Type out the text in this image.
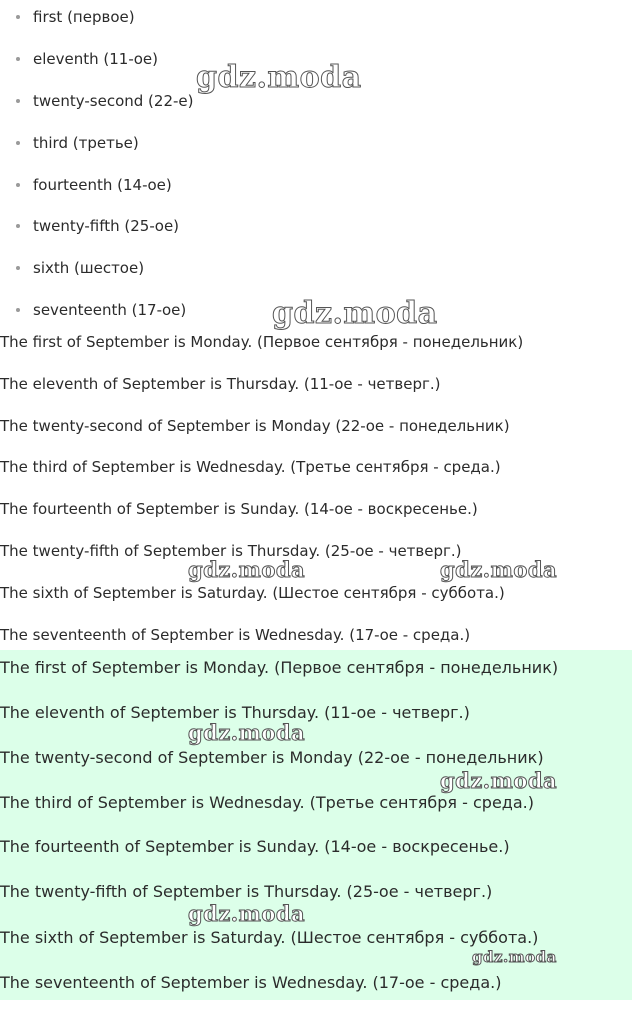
first (первое)
eleventh (11-ое)
twenty-second (22-е)
third (третье)
fourteenth (14-ое)
twenty-fifth (25-ое)
sixth (шестое)
seventeenth (17-ое)
The first of September is Monday. (Первое сентября - понедельник)
The eleventh of September is Thursday. (11-ое - четверг.)
The twenty-second of September is Monday (22-ое - понедельник)
The third of September is Wednesday. (Третье сентября - среда.)
The fourteenth of September is Sunday. (14-ое - воскресенье.)
The twenty-fifth of September is Thursday. (25-ое - четверг.)
The sixth of September is Saturday. (Шестое сентября - суббота.)
The seventeenth of September is Wednesday. (17-ое - среда.)
The first of September is Monday. (Первое сентября - понедельник)
The eleventh of September is Thursday. (11-ое - четверг.)
The twenty-second of September is Monday (22-ое - понедельник)
The third of September is Wednesday. (Третье сентября - среда.)
The fourteenth of September is Sunday. (14-ое - воскресенье.)
The twenty-fifth of September is Thursday. (25-ое - четверг.)
The sixth of September is Saturday. (Шестое сентября - суббота.)
The seventeenth of September is Wednesday. (17-ое - среда.)
gdz.moda
gdz.moda
gdz.moda	gdz.moda
gdz.moda
gdz.moda
gdz.moda
gdz.moda
